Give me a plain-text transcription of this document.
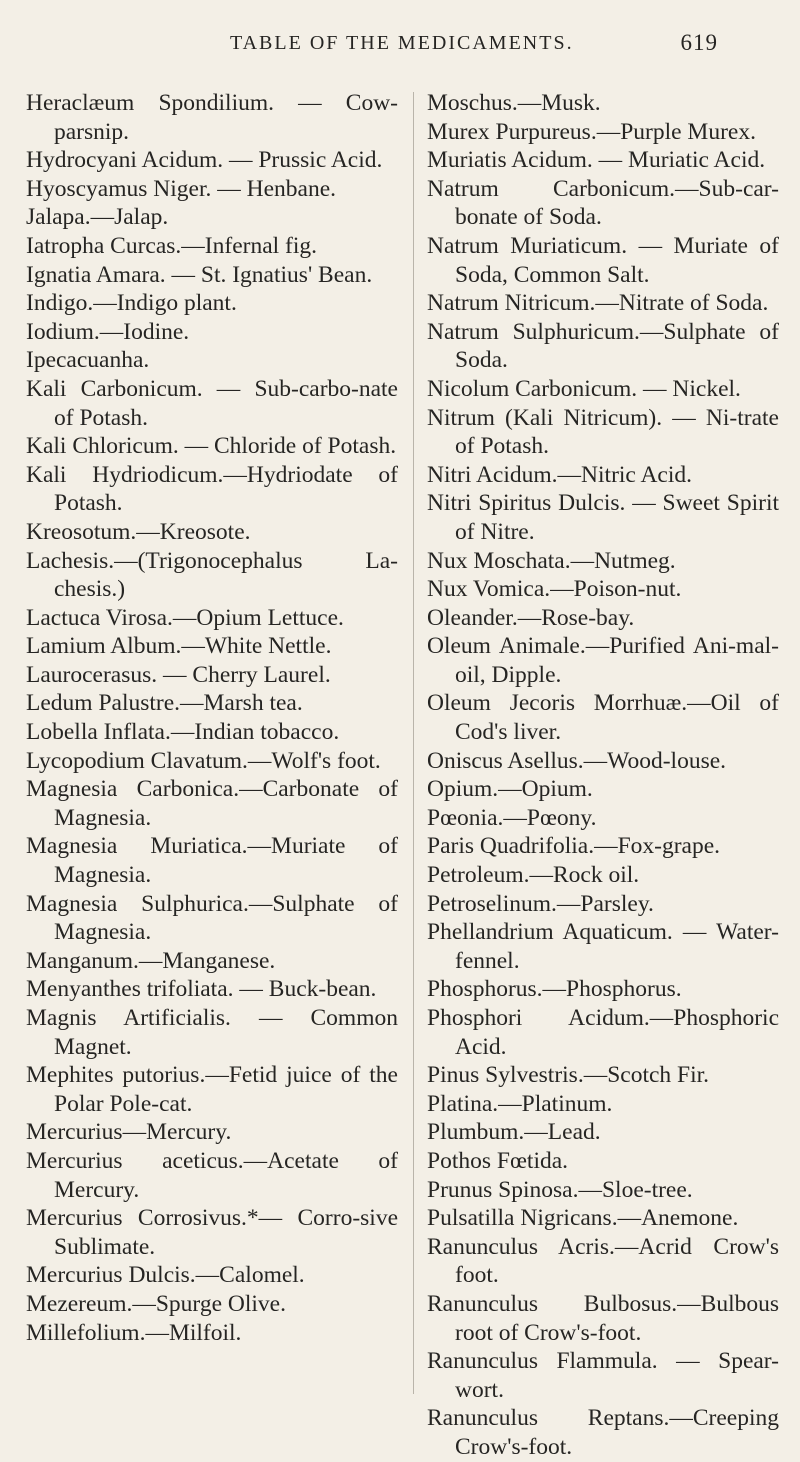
TABLE OF THE MEDICAMENTS.	619

Heraclæum Spondilium. — Cow-parsnip.

Hydrocyani Acidum. — Prussic Acid.

Hyoscyamus Niger. — Henbane.

Jalapa.—Jalap.

Iatropha Curcas.—Infernal fig.

Ignatia Amara. — St. Ignatius' Bean.

Indigo.—Indigo plant.

Iodium.—Iodine.

Ipecacuanha.

Kali Carbonicum. — Sub-carbo-nate of Potash.

Kali Chloricum. — Chloride of Potash.

Kali Hydriodicum.—Hydriodate of Potash.

Kreosotum.—Kreosote.

Lachesis.—(Trigonocephalus La-chesis.)

Lactuca Virosa.—Opium Lettuce.

Lamium Album.—White Nettle.

Laurocerasus. — Cherry Laurel.

Ledum Palustre.—Marsh tea.

Lobella Inflata.—Indian tobacco.

Lycopodium Clavatum.—Wolf's foot.

Magnesia Carbonica.—Carbonate of Magnesia.

Magnesia Muriatica.—Muriate of Magnesia.

Magnesia Sulphurica.—Sulphate of Magnesia.

Manganum.—Manganese.

Menyanthes trifoliata. — Buck-bean.

Magnis Artificialis. — Common Magnet.

Mephites putorius.—Fetid juice of the Polar Pole-cat.

Mercurius—Mercury.

Mercurius aceticus.—Acetate of Mercury.

Mercurius Corrosivus.*— Corro-sive Sublimate.

Mercurius Dulcis.—Calomel.

Mezereum.—Spurge Olive.

Millefolium.—Milfoil.

Moschus.—Musk.

Murex Purpureus.—Purple Murex.

Muriatis Acidum. — Muriatic Acid.

Natrum Carbonicum.—Sub-car-bonate of Soda.

Natrum Muriaticum. — Muriate of Soda, Common Salt.

Natrum Nitricum.—Nitrate of Soda.

Natrum Sulphuricum.—Sulphate of Soda.

Nicolum Carbonicum. — Nickel.

Nitrum (Kali Nitricum). — Ni-trate of Potash.

Nitri Acidum.—Nitric Acid.

Nitri Spiritus Dulcis. — Sweet Spirit of Nitre.

Nux Moschata.—Nutmeg.

Nux Vomica.—Poison-nut.

Oleander.—Rose-bay.

Oleum Animale.—Purified Ani-mal-oil, Dipple.

Oleum Jecoris Morrhuæ.—Oil of Cod's liver.

Oniscus Asellus.—Wood-louse.

Opium.—Opium.

Pœonia.—Pœony.

Paris Quadrifolia.—Fox-grape.

Petroleum.—Rock oil.

Petroselinum.—Parsley.

Phellandrium Aquaticum. — Water-fennel.

Phosphorus.—Phosphorus.

Phosphori Acidum.—Phosphoric Acid.

Pinus Sylvestris.—Scotch Fir.

Platina.—Platinum.

Plumbum.—Lead.

Pothos Fœtida.

Prunus Spinosa.—Sloe-tree.

Pulsatilla Nigricans.—Anemone.

Ranunculus Acris.—Acrid Crow's foot.

Ranunculus Bulbosus.—Bulbous root of Crow's-foot.

Ranunculus Flammula. — Spear-wort.

Ranunculus Reptans.—Creeping Crow's-foot.
